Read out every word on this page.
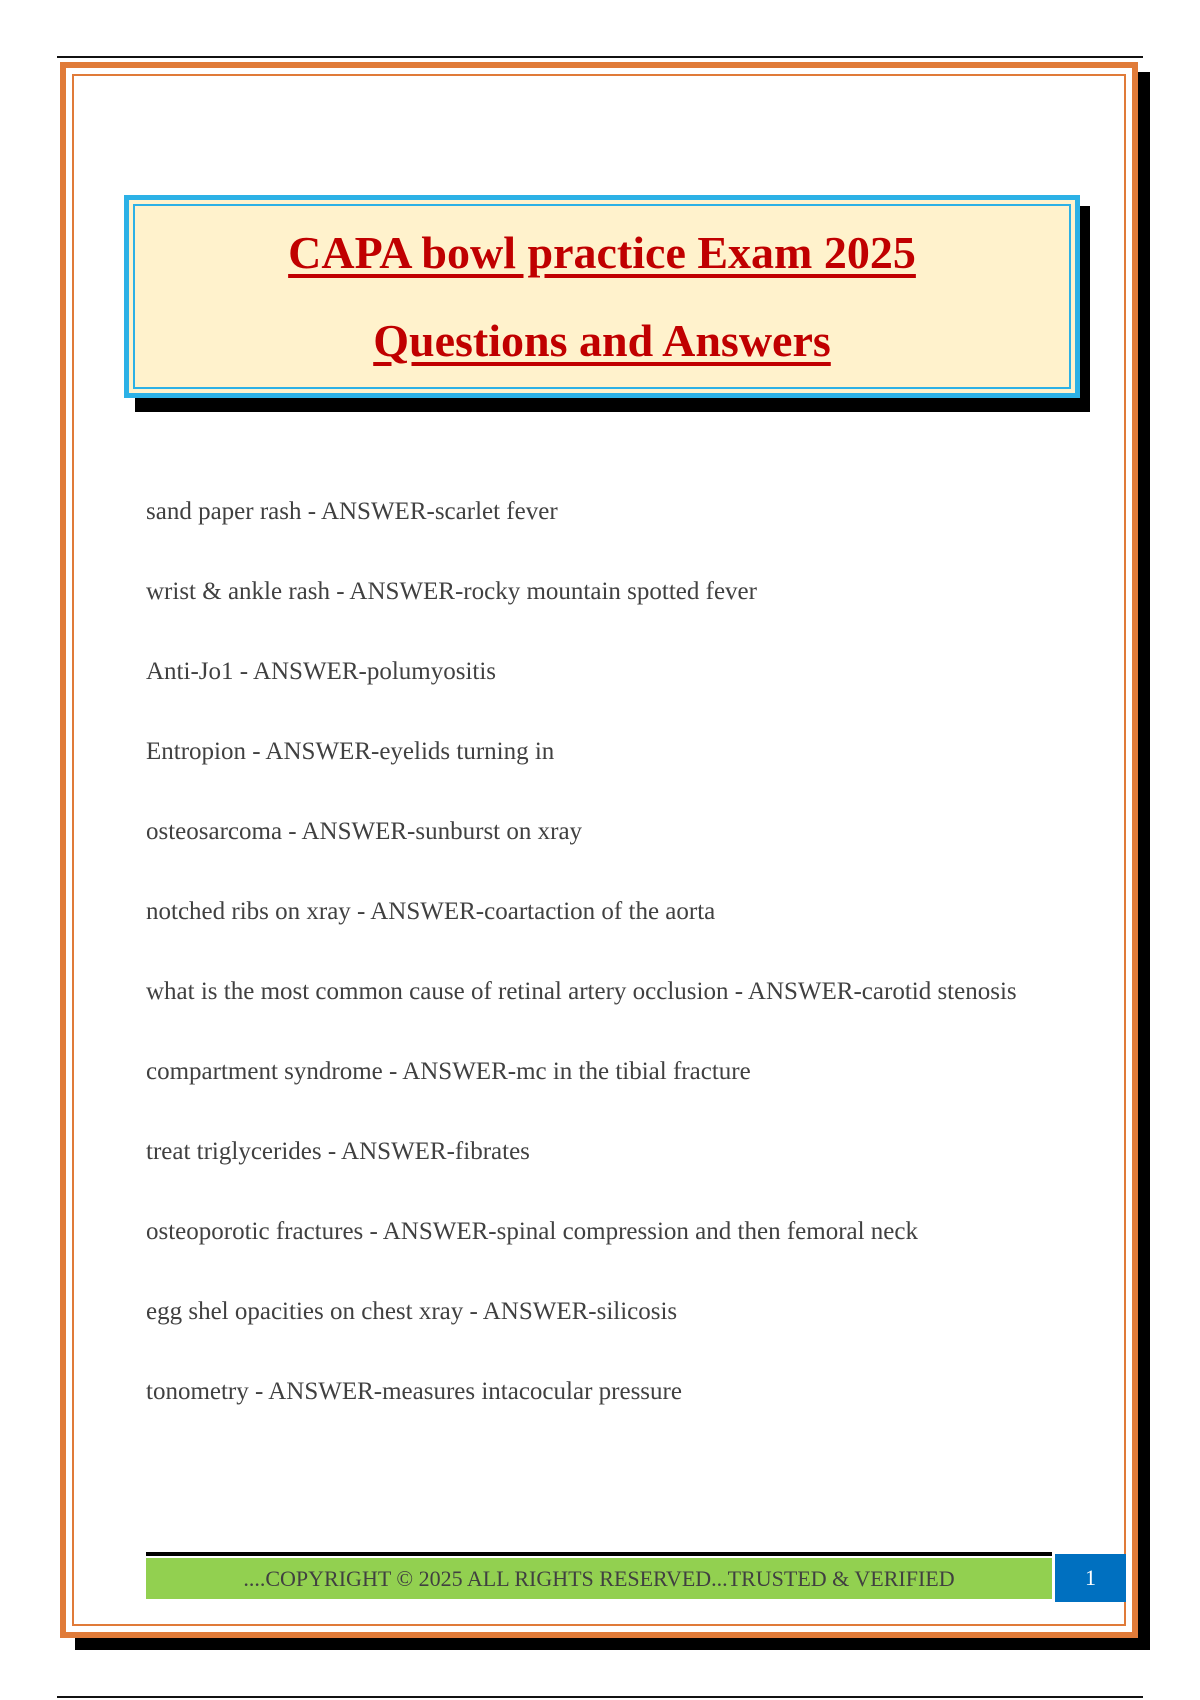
CAPA bowl practice Exam 2025
Questions and Answers
sand paper rash - ANSWER-scarlet fever
wrist & ankle rash - ANSWER-rocky mountain spotted fever
Anti-Jo1 - ANSWER-polumyositis
Entropion - ANSWER-eyelids turning in
osteosarcoma - ANSWER-sunburst on xray
notched ribs on xray - ANSWER-coartaction of the aorta
what is the most common cause of retinal artery occlusion - ANSWER-carotid stenosis
compartment syndrome - ANSWER-mc in the tibial fracture
treat triglycerides - ANSWER-fibrates
osteoporotic fractures - ANSWER-spinal compression and then femoral neck
egg shel opacities on chest xray - ANSWER-silicosis
tonometry - ANSWER-measures intacocular pressure
....COPYRIGHT © 2025 ALL RIGHTS RESERVED...TRUSTED & VERIFIED	1
